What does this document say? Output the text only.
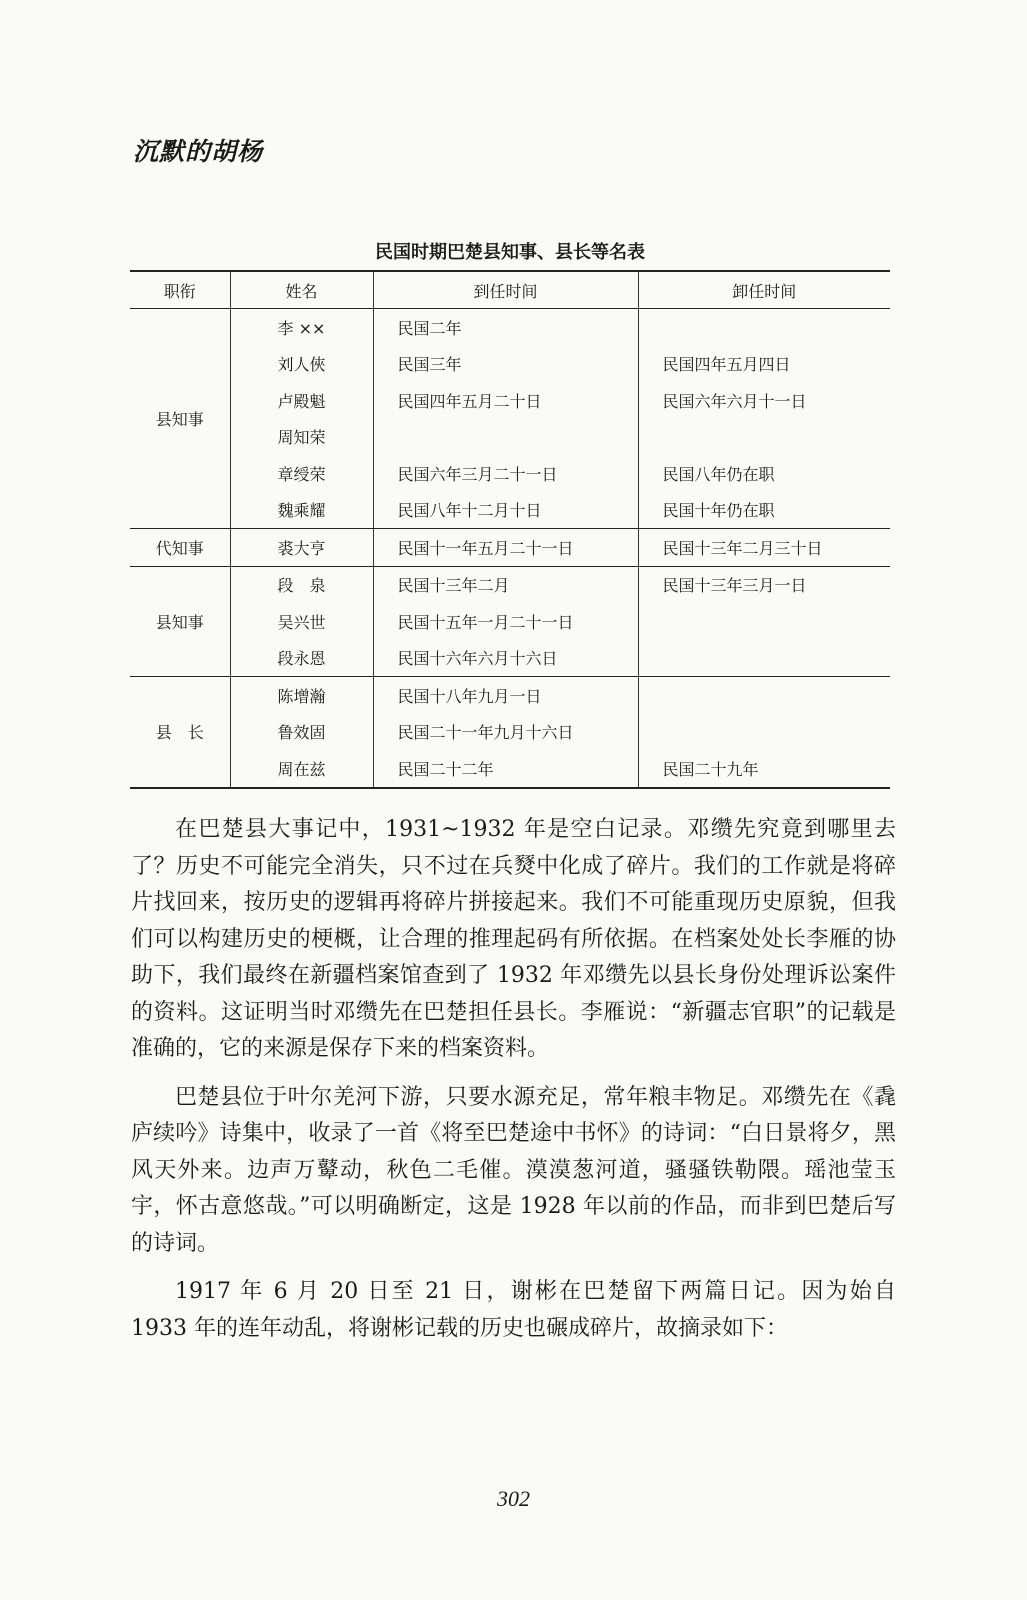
沉默的胡杨
民国时期巴楚县知事、县长等名表
职衔	姓名	到任时间	卸任时间
县知事	李 ××	民国二年	
	刘人俠	民国三年	民国四年五月四日
	卢殿魁	民国四年五月二十日	民国六年六月十一日
	周知荣		
	章绶荣	民国六年三月二十一日	民国八年仍在职
	魏乘耀	民国八年十二月十日	民国十年仍在职
代知事	裘大亨	民国十一年五月二十一日	民国十三年二月三十日
县知事	段　泉	民国十三年二月	民国十三年三月一日
	吴兴世	民国十五年一月二十一日	
	段永恩	民国十六年六月十六日	
县　长	陈增瀚	民国十八年九月一日	
	鲁效固	民国二十一年九月十六日	
	周在兹	民国二十二年	民国二十九年

在巴楚县大事记中，1931~1932 年是空白记录。邓缵先究竟到哪里去了？历史不可能完全消失，只不过在兵燹中化成了碎片。我们的工作就是将碎片找回来，按历史的逻辑再将碎片拼接起来。我们不可能重现历史原貌，但我们可以构建历史的梗概，让合理的推理起码有所依据。在档案处处长李雁的协助下，我们最终在新疆档案馆查到了 1932 年邓缵先以县长身份处理诉讼案件的资料。这证明当时邓缵先在巴楚担任县长。李雁说：“新疆志官职”的记载是准确的，它的来源是保存下来的档案资料。

巴楚县位于叶尔羌河下游，只要水源充足，常年粮丰物足。邓缵先在《毳庐续吟》诗集中，收录了一首《将至巴楚途中书怀》的诗词：“白日景将夕，黑风天外来。边声万鼙动，秋色二毛催。漠漠葱河道，骚骚铁勒隈。瑶池莹玉宇，怀古意悠哉。”可以明确断定，这是 1928 年以前的作品，而非到巴楚后写的诗词。

1917 年 6 月 20 日至 21 日，谢彬在巴楚留下两篇日记。因为始自 1933 年的连年动乱，将谢彬记载的历史也碾成碎片，故摘录如下：

302
